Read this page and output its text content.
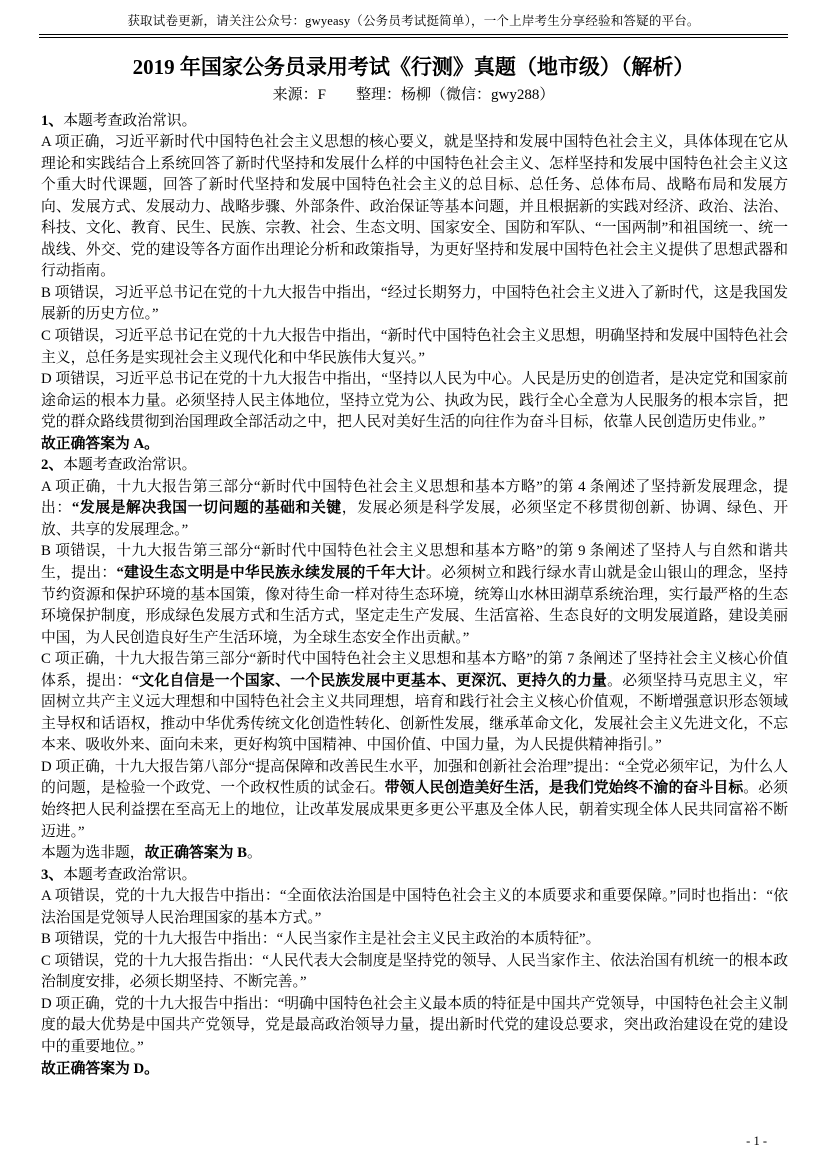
获取试卷更新，请关注公众号：gwyeasy（公务员考试挺简单），一个上岸考生分享经验和答疑的平台。
2019 年国家公务员录用考试《行测》真题（地市级）（解析）
来源：F 整理：杨柳（微信：gwy288）

1、本题考查政治常识。

A 项正确，习近平新时代中国特色社会主义思想的核心要义，就是坚持和发展中国特色社会主义，具体体现在它从理论和实践结合上系统回答了新时代坚持和发展什么样的中国特色社会主义、怎样坚持和发展中国特色社会主义这个重大时代课题，回答了新时代坚持和发展中国特色社会主义的总目标、总任务、总体布局、战略布局和发展方向、发展方式、发展动力、战略步骤、外部条件、政治保证等基本问题，并且根据新的实践对经济、政治、法治、科技、文化、教育、民生、民族、宗教、社会、生态文明、国家安全、国防和军队、“一国两制”和祖国统一、统一战线、外交、党的建设等各方面作出理论分析和政策指导，为更好坚持和发展中国特色社会主义提供了思想武器和行动指南。

B 项错误，习近平总书记在党的十九大报告中指出，“经过长期努力，中国特色社会主义进入了新时代，这是我国发展新的历史方位。”

C 项错误，习近平总书记在党的十九大报告中指出，“新时代中国特色社会主义思想，明确坚持和发展中国特色社会主义，总任务是实现社会主义现代化和中华民族伟大复兴。”

D 项错误，习近平总书记在党的十九大报告中指出，“坚持以人民为中心。人民是历史的创造者，是决定党和国家前途命运的根本力量。必须坚持人民主体地位，坚持立党为公、执政为民，践行全心全意为人民服务的根本宗旨，把党的群众路线贯彻到治国理政全部活动之中，把人民对美好生活的向往作为奋斗目标，依靠人民创造历史伟业。”

故正确答案为 A。

2、本题考查政治常识。

A 项正确，十九大报告第三部分“新时代中国特色社会主义思想和基本方略”的第 4 条阐述了坚持新发展理念，提出：“发展是解决我国一切问题的基础和关键，发展必须是科学发展，必须坚定不移贯彻创新、协调、绿色、开放、共享的发展理念。”

B 项错误，十九大报告第三部分“新时代中国特色社会主义思想和基本方略”的第 9 条阐述了坚持人与自然和谐共生，提出：“建设生态文明是中华民族永续发展的千年大计。必须树立和践行绿水青山就是金山银山的理念，坚持节约资源和保护环境的基本国策，像对待生命一样对待生态环境，统筹山水林田湖草系统治理，实行最严格的生态环境保护制度，形成绿色发展方式和生活方式，坚定走生产发展、生活富裕、生态良好的文明发展道路，建设美丽中国，为人民创造良好生产生活环境，为全球生态安全作出贡献。”

C 项正确，十九大报告第三部分“新时代中国特色社会主义思想和基本方略”的第 7 条阐述了坚持社会主义核心价值体系，提出：“文化自信是一个国家、一个民族发展中更基本、更深沉、更持久的力量。必须坚持马克思主义，牢固树立共产主义远大理想和中国特色社会主义共同理想，培育和践行社会主义核心价值观，不断增强意识形态领域主导权和话语权，推动中华优秀传统文化创造性转化、创新性发展，继承革命文化，发展社会主义先进文化，不忘本来、吸收外来、面向未来，更好构筑中国精神、中国价值、中国力量，为人民提供精神指引。”

D 项正确，十九大报告第八部分“提高保障和改善民生水平，加强和创新社会治理”提出：“全党必须牢记，为什么人的问题，是检验一个政党、一个政权性质的试金石。带领人民创造美好生活，是我们党始终不渝的奋斗目标。必须始终把人民利益摆在至高无上的地位，让改革发展成果更多更公平惠及全体人民，朝着实现全体人民共同富裕不断迈进。”

本题为选非题，故正确答案为 B。

3、本题考查政治常识。

A 项错误，党的十九大报告中指出：“全面依法治国是中国特色社会主义的本质要求和重要保障。”同时也指出：“依法治国是党领导人民治理国家的基本方式。”

B 项错误，党的十九大报告中指出：“人民当家作主是社会主义民主政治的本质特征”。

C 项错误，党的十九大报告指出：“人民代表大会制度是坚持党的领导、人民当家作主、依法治国有机统一的根本政治制度安排，必须长期坚持、不断完善。”

D 项正确，党的十九大报告中指出：“明确中国特色社会主义最本质的特征是中国共产党领导，中国特色社会主义制度的最大优势是中国共产党领导，党是最高政治领导力量，提出新时代党的建设总要求，突出政治建设在党的建设中的重要地位。”

故正确答案为 D。

- 1 -
